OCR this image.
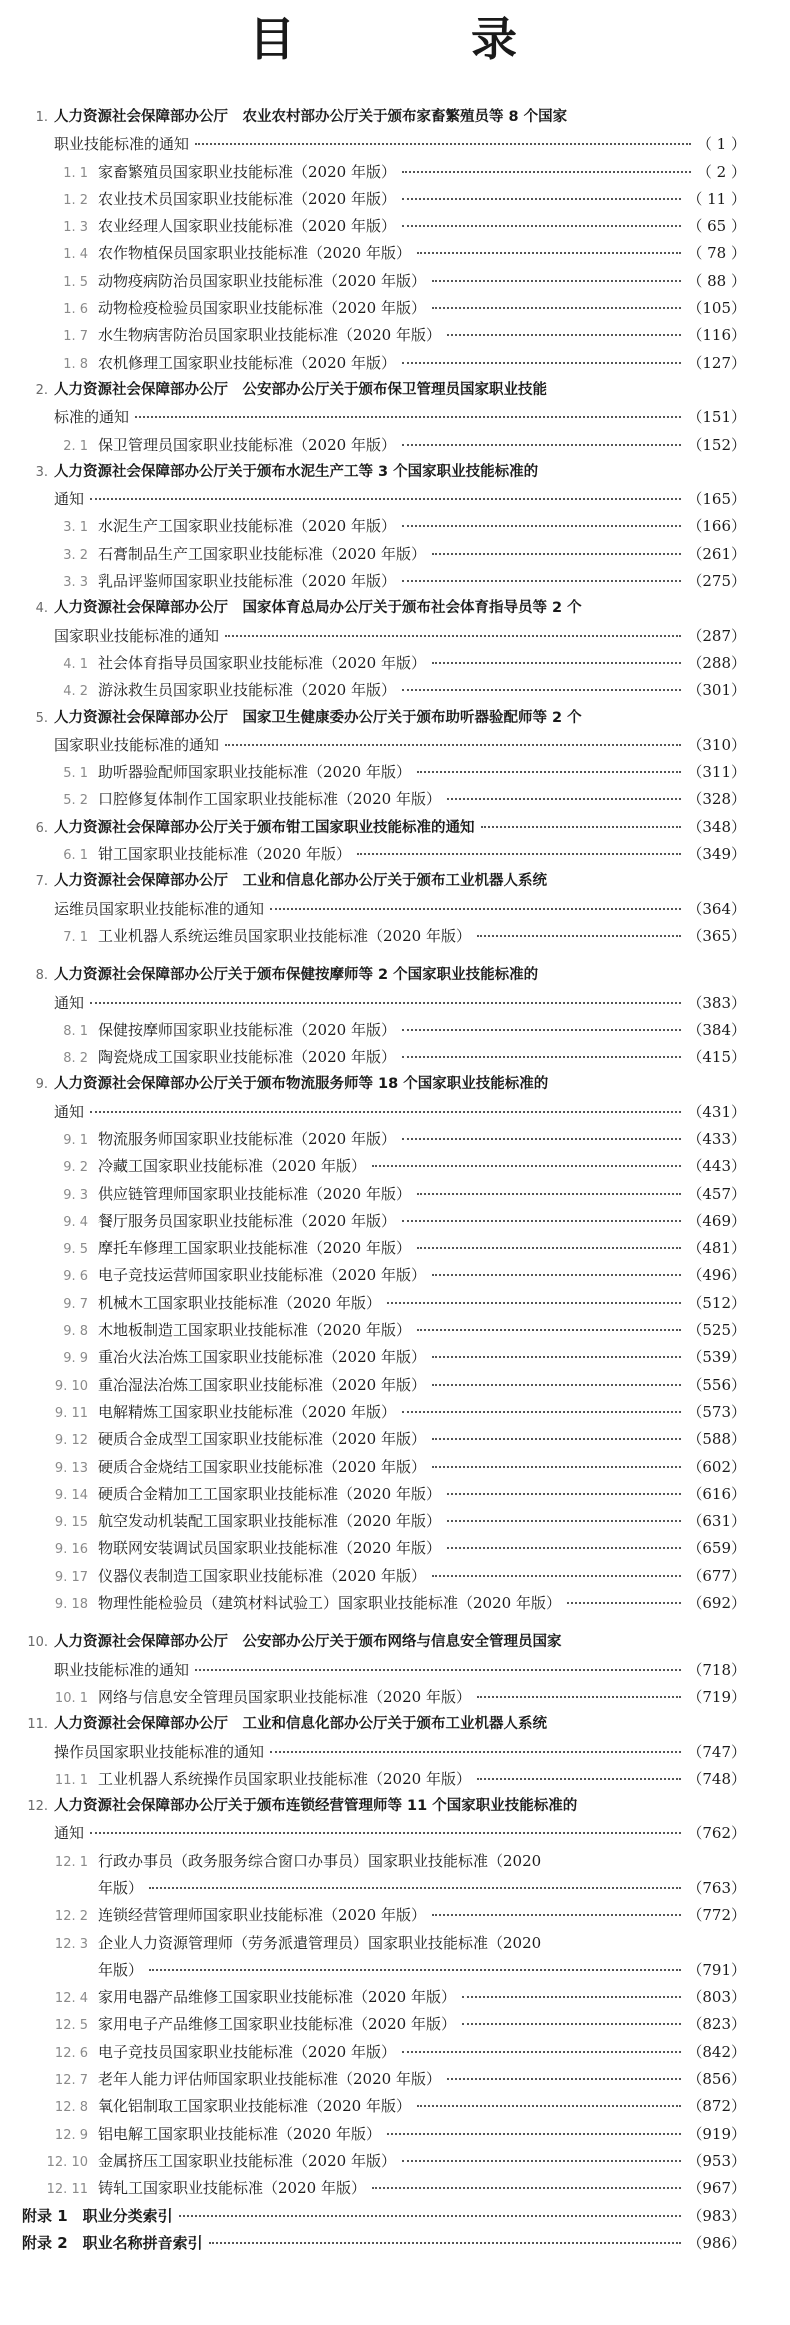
目 录
1. 人力资源社会保障部办公厅　农业农村部办公厅关于颁布家畜繁殖员等 8 个国家
职业技能标准的通知	（ 1 ）
1. 1 家畜繁殖员国家职业技能标准（2020 年版）	（ 2 ）
1. 2 农业技术员国家职业技能标准（2020 年版）	（ 11 ）
1. 3 农业经理人国家职业技能标准（2020 年版）	（ 65 ）
1. 4 农作物植保员国家职业技能标准（2020 年版）	（ 78 ）
1. 5 动物疫病防治员国家职业技能标准（2020 年版）	（ 88 ）
1. 6 动物检疫检验员国家职业技能标准（2020 年版）	（105）
1. 7 水生物病害防治员国家职业技能标准（2020 年版）	（116）
1. 8 农机修理工国家职业技能标准（2020 年版）	（127）
2. 人力资源社会保障部办公厅　公安部办公厅关于颁布保卫管理员国家职业技能
标准的通知	（151）
2. 1 保卫管理员国家职业技能标准（2020 年版）	（152）
3. 人力资源社会保障部办公厅关于颁布水泥生产工等 3 个国家职业技能标准的
通知	（165）
3. 1 水泥生产工国家职业技能标准（2020 年版）	（166）
3. 2 石膏制品生产工国家职业技能标准（2020 年版）	（261）
3. 3 乳品评鉴师国家职业技能标准（2020 年版）	（275）
4. 人力资源社会保障部办公厅　国家体育总局办公厅关于颁布社会体育指导员等 2 个
国家职业技能标准的通知	（287）
4. 1 社会体育指导员国家职业技能标准（2020 年版）	（288）
4. 2 游泳救生员国家职业技能标准（2020 年版）	（301）
5. 人力资源社会保障部办公厅　国家卫生健康委办公厅关于颁布助听器验配师等 2 个
国家职业技能标准的通知	（310）
5. 1 助听器验配师国家职业技能标准（2020 年版）	（311）
5. 2 口腔修复体制作工国家职业技能标准（2020 年版）	（328）
6. 人力资源社会保障部办公厅关于颁布钳工国家职业技能标准的通知	（348）
6. 1 钳工国家职业技能标准（2020 年版）	（349）
7. 人力资源社会保障部办公厅　工业和信息化部办公厅关于颁布工业机器人系统
运维员国家职业技能标准的通知	（364）
7. 1 工业机器人系统运维员国家职业技能标准（2020 年版）	（365）
8. 人力资源社会保障部办公厅关于颁布保健按摩师等 2 个国家职业技能标准的
通知	（383）
8. 1 保健按摩师国家职业技能标准（2020 年版）	（384）
8. 2 陶瓷烧成工国家职业技能标准（2020 年版）	（415）
9. 人力资源社会保障部办公厅关于颁布物流服务师等 18 个国家职业技能标准的
通知	（431）
9. 1 物流服务师国家职业技能标准（2020 年版）	（433）
9. 2 冷藏工国家职业技能标准（2020 年版）	（443）
9. 3 供应链管理师国家职业技能标准（2020 年版）	（457）
9. 4 餐厅服务员国家职业技能标准（2020 年版）	（469）
9. 5 摩托车修理工国家职业技能标准（2020 年版）	（481）
9. 6 电子竞技运营师国家职业技能标准（2020 年版）	（496）
9. 7 机械木工国家职业技能标准（2020 年版）	（512）
9. 8 木地板制造工国家职业技能标准（2020 年版）	（525）
9. 9 重冶火法冶炼工国家职业技能标准（2020 年版）	（539）
9. 10 重冶湿法冶炼工国家职业技能标准（2020 年版）	（556）
9. 11 电解精炼工国家职业技能标准（2020 年版）	（573）
9. 12 硬质合金成型工国家职业技能标准（2020 年版）	（588）
9. 13 硬质合金烧结工国家职业技能标准（2020 年版）	（602）
9. 14 硬质合金精加工工国家职业技能标准（2020 年版）	（616）
9. 15 航空发动机装配工国家职业技能标准（2020 年版）	（631）
9. 16 物联网安装调试员国家职业技能标准（2020 年版）	（659）
9. 17 仪器仪表制造工国家职业技能标准（2020 年版）	（677）
9. 18 物理性能检验员（建筑材料试验工）国家职业技能标准（2020 年版）	（692）
10. 人力资源社会保障部办公厅　公安部办公厅关于颁布网络与信息安全管理员国家
职业技能标准的通知	（718）
10. 1 网络与信息安全管理员国家职业技能标准（2020 年版）	（719）
11. 人力资源社会保障部办公厅　工业和信息化部办公厅关于颁布工业机器人系统
操作员国家职业技能标准的通知	（747）
11. 1 工业机器人系统操作员国家职业技能标准（2020 年版）	（748）
12. 人力资源社会保障部办公厅关于颁布连锁经营管理师等 11 个国家职业技能标准的
通知	（762）
12. 1 行政办事员（政务服务综合窗口办事员）国家职业技能标准（2020
年版）	（763）
12. 2 连锁经营管理师国家职业技能标准（2020 年版）	（772）
12. 3 企业人力资源管理师（劳务派遣管理员）国家职业技能标准（2020
年版）	（791）
12. 4 家用电器产品维修工国家职业技能标准（2020 年版）	（803）
12. 5 家用电子产品维修工国家职业技能标准（2020 年版）	（823）
12. 6 电子竞技员国家职业技能标准（2020 年版）	（842）
12. 7 老年人能力评估师国家职业技能标准（2020 年版）	（856）
12. 8 氧化铝制取工国家职业技能标准（2020 年版）	（872）
12. 9 铝电解工国家职业技能标准（2020 年版）	（919）
12. 10 金属挤压工国家职业技能标准（2020 年版）	（953）
12. 11 铸轧工国家职业技能标准（2020 年版）	（967）
附录 1　职业分类索引	（983）
附录 2　职业名称拼音索引	（986）
